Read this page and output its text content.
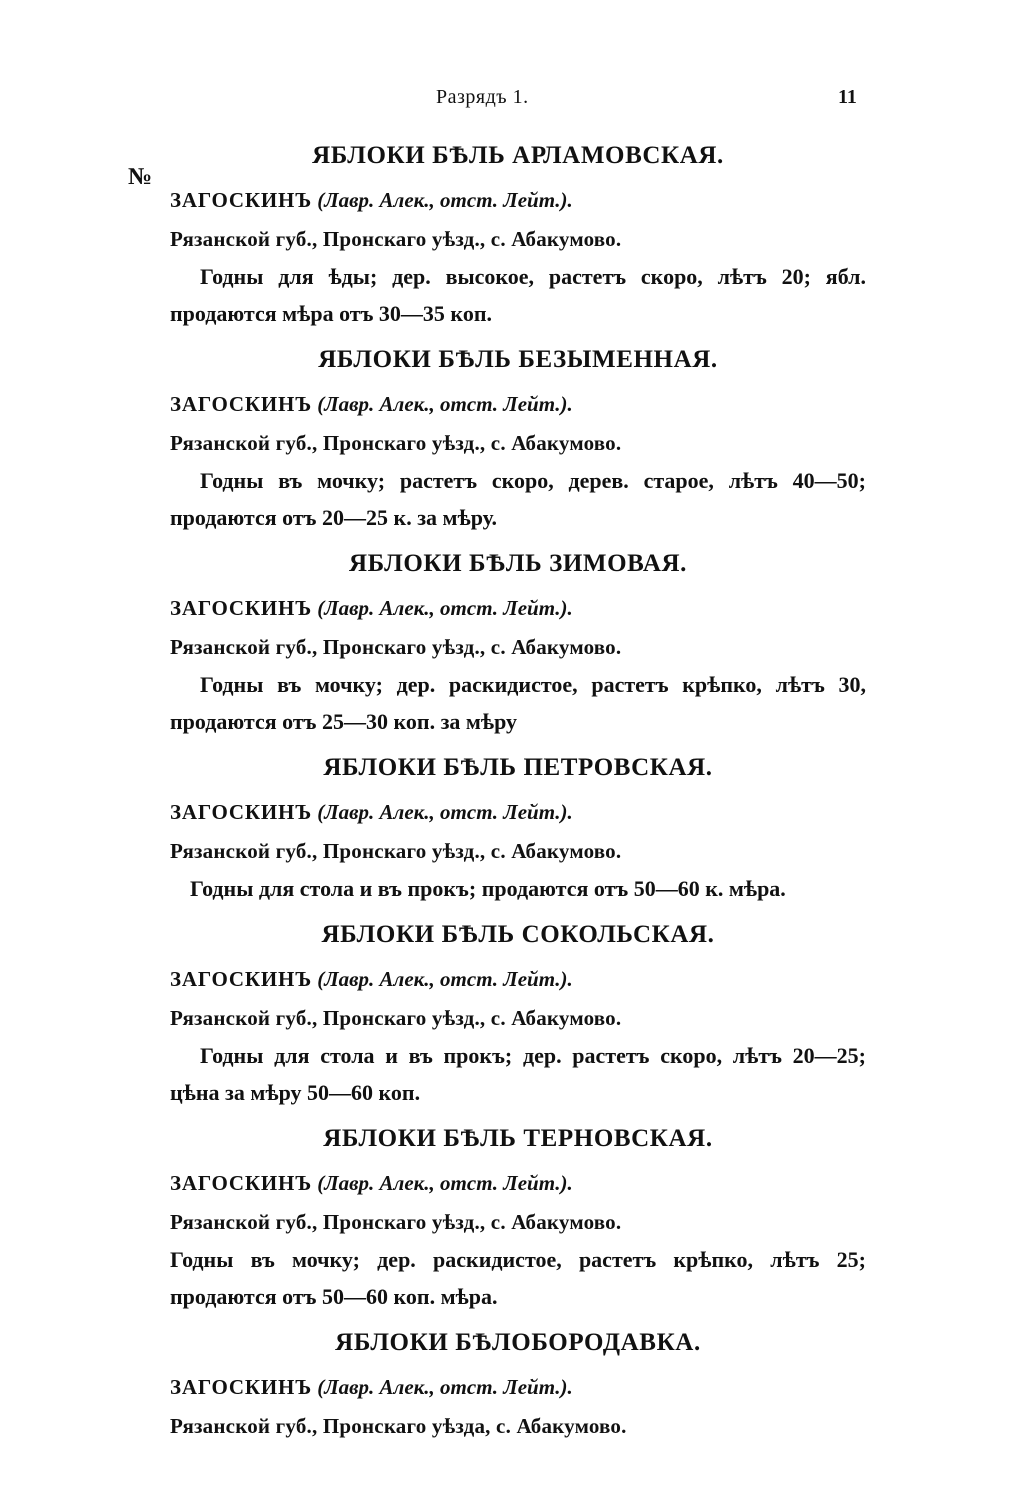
Разрядъ 1.	11
№
ЯБЛОКИ БѢЛЬ АРЛАМОВСКАЯ.
ЗАГОСКИНЪ (Лавр. Алек., отст. Лейт.).
Рязанской губ., Пронскаго уѣзд., с. Абакумово.
Годны для ѣды; дер. высокое, растетъ скоро, лѣтъ 20; ябл. продаются мѣра отъ 30—35 коп.
ЯБЛОКИ БѢЛЬ БЕЗЫМЕННАЯ.
ЗАГОСКИНЪ (Лавр. Алек., отст. Лейт.).
Рязанской губ., Пронскаго уѣзд., с. Абакумово.
Годны въ мочку; растетъ скоро, дерев. старое, лѣтъ 40—50; продаются отъ 20—25 к. за мѣру.
ЯБЛОКИ БѢЛЬ ЗИМОВАЯ.
ЗАГОСКИНЪ (Лавр. Алек., отст. Лейт.).
Рязанской губ., Пронскаго уѣзд., с. Абакумово.
Годны въ мочку; дер. раскидистое, растетъ крѣпко, лѣтъ 30, продаются отъ 25—30 коп. за мѣру
ЯБЛОКИ БѢЛЬ ПЕТРОВСКАЯ.
ЗАГОСКИНЪ (Лавр. Алек., отст. Лейт.).
Рязанской губ., Пронскаго уѣзд., с. Абакумово.
Годны для стола и въ прокъ; продаются отъ 50—60 к. мѣра.
ЯБЛОКИ БѢЛЬ СОКОЛЬСКАЯ.
ЗАГОСКИНЪ (Лавр. Алек., отст. Лейт.).
Рязанской губ., Пронскаго уѣзд., с. Абакумово.
Годны для стола и въ прокъ; дер. растетъ скоро, лѣтъ 20—25; цѣна за мѣру 50—60 коп.
ЯБЛОКИ БѢЛЬ ТЕРНОВСКАЯ.
ЗАГОСКИНЪ (Лавр. Алек., отст. Лейт.).
Рязанской губ., Пронскаго уѣзд., с. Абакумово.
Годны въ мочку; дер. раскидистое, растетъ крѣпко, лѣтъ 25; продаются отъ 50—60 коп. мѣра.
ЯБЛОКИ БѢЛОБОРОДАВКА.
ЗАГОСКИНЪ (Лавр. Алек., отст. Лейт.).
Рязанской губ., Пронскаго уѣзда, с. Абакумово.
